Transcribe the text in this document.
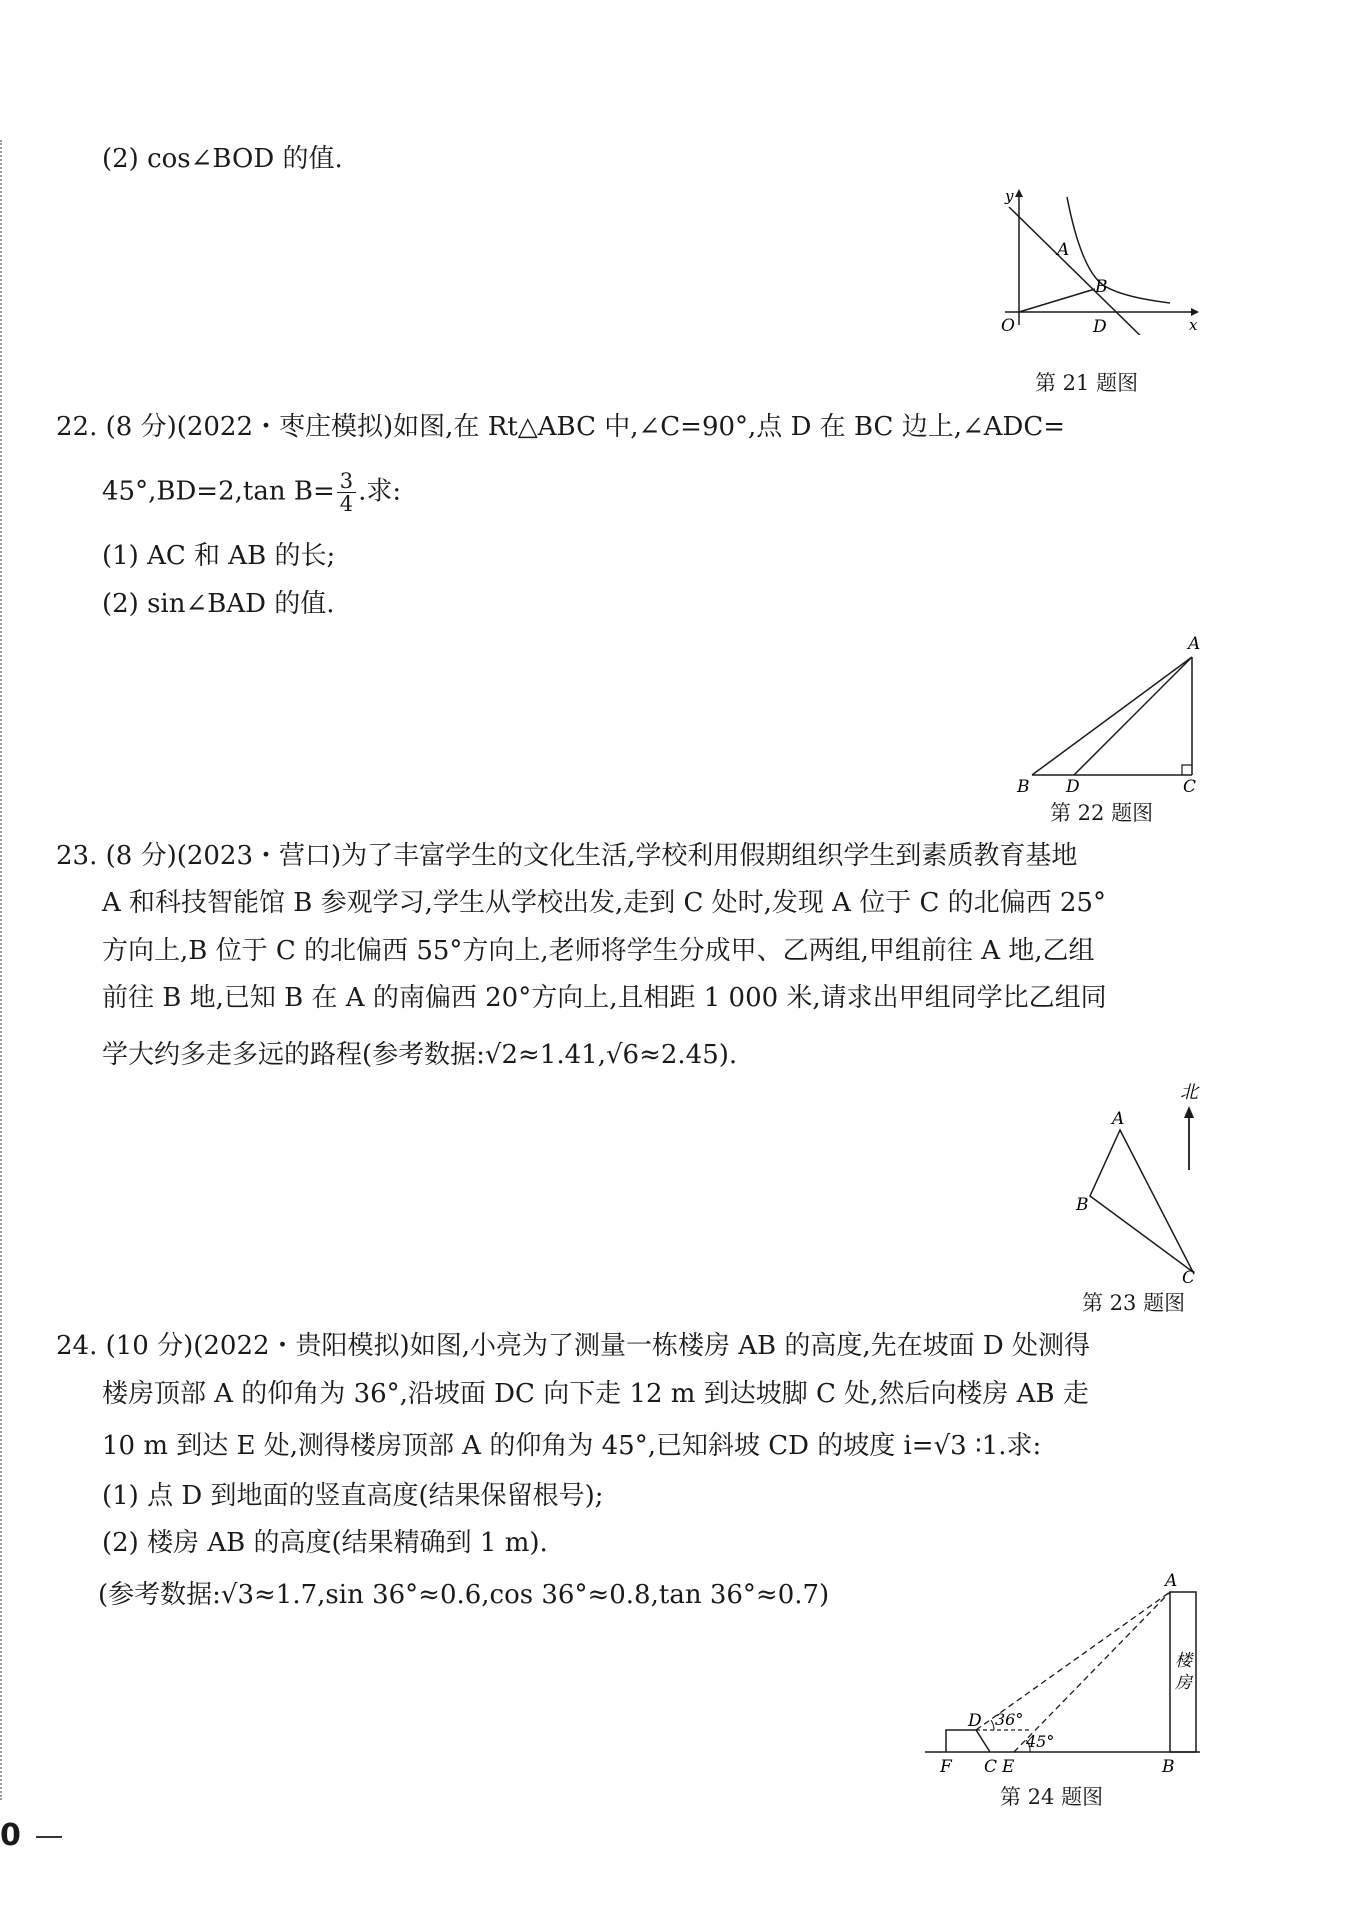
(2) cos∠BOD 的值.
y
x
O
A
B
D
第 21 题图
22. (8 分)(2022・枣庄模拟)如图,在 Rt△ABC 中,∠C=90°,点 D 在 BC 边上,∠ADC=
45°,BD=2,tan $B= \frac{3}{4}$ .求:
(1) AC 和 AB 的长;
(2) sin∠BAD 的值.
A
B D	C
第 22 题图
23. (8 分)(2023・营口)为了丰富学生的文化生活,学校利用假期组织学生到素质教育基地
A 和科技智能馆 B 参观学习,学生从学校出发,走到 C 处时,发现 A 位于 C 的北偏西 25°
方向上,B 位于 C 的北偏西 55°方向上,老师将学生分成甲、乙两组,甲组前往 A 地,乙组
前往 B 地,已知 B 在 A 的南偏西 20°方向上,且相距 1 000 米,请求出甲组同学比乙组同
学大约多走多远的路程(参考数据:√2≈1.41,√6≈2.45).
北
A
B
C
第 23 题图
24. (10 分)(2022・贵阳模拟)如图,小亮为了测量一栋楼房 AB 的高度,先在坡面 D 处测得
楼房顶部 A 的仰角为 36°,沿坡面 DC 向下走 12 m 到达坡脚 C 处,然后向楼房 AB 走
10 m 到达 E 处,测得楼房顶部 A 的仰角为 45°,已知斜坡 CD 的坡度 i=√3 ∶1.求:
(1) 点 D 到地面的竖直高度(结果保留根号);
(2) 楼房 AB 的高度(结果精确到 1 m).
(参考数据:√3≈1.7,sin 36°≈0.6,cos 36°≈0.8,tan 36°≈0.7)
楼房
A
D 36°
45°
F C E	B
第 24 题图
0
